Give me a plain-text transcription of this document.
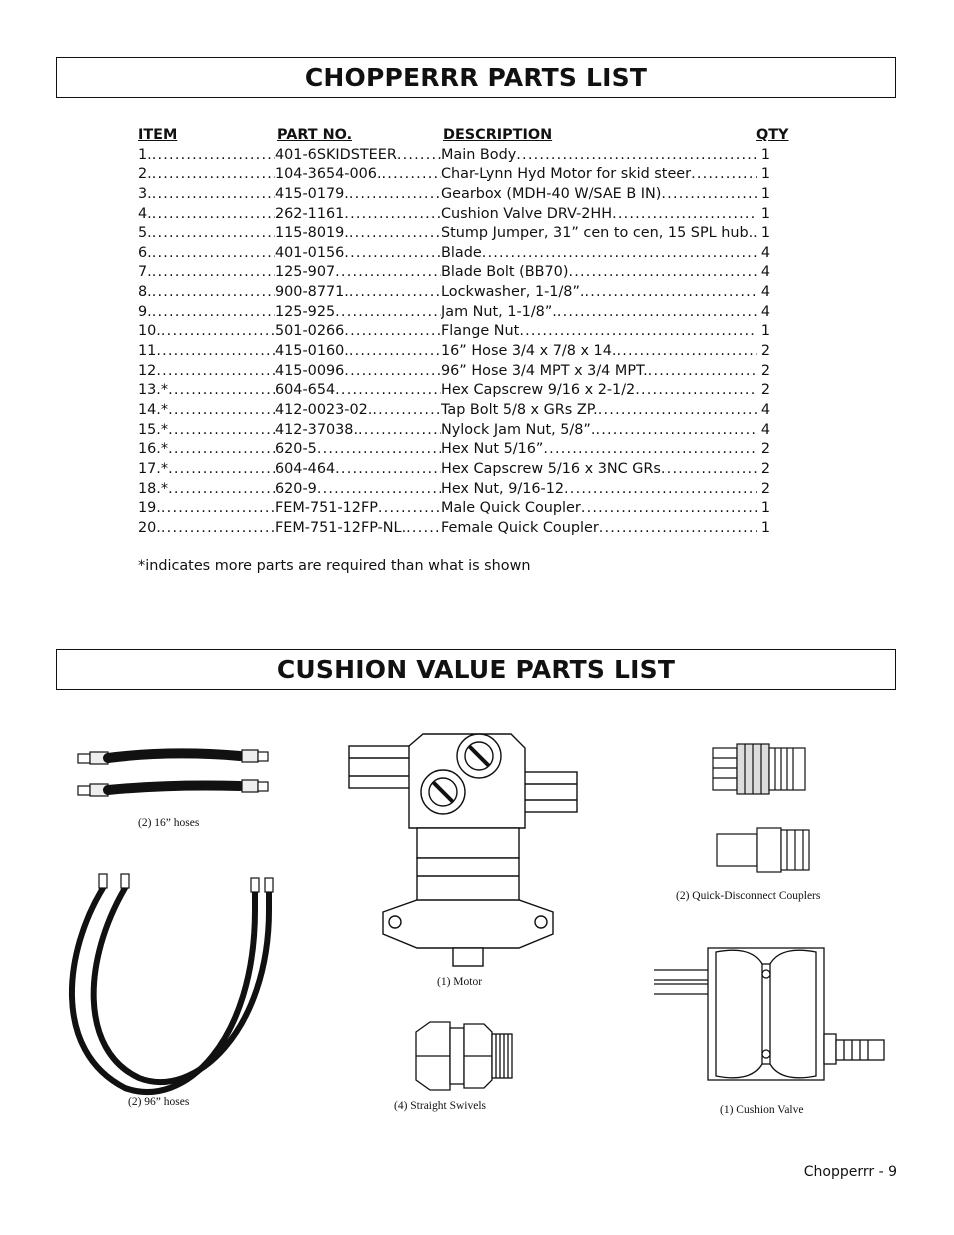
CHOPPERRR PARTS LIST
ITEM	PART NO.	DESCRIPTION	QTY
1. .....	401-6SKIDSTEER .....	Main Body .....	1
2. .....	104-3654-006. .....	Char-Lynn Hyd Motor for skid steer .....	1
3. .....	415-0179. .....	Gearbox (MDH-40 W/SAE B IN) .....	1
4. .....	262-1161 .....	Cushion Valve DRV-2HH .....	1
5. .....	115-8019. .....	Stump Jumper, 31” cen to cen, 15 SPL hub. ..... 1
6. .....	401-0156 .....	Blade .....	4
7. .....	125-907 .....	Blade Bolt (BB70) .....	4
8. .....	900-8771. .....	Lockwasher, 1-1/8”. .....	4
9. .....	125-925 .....	Jam Nut, 1-1/8”. .....	4
10. .....	501-0266 .....	Flange Nut .....	1
11 .....	415-0160. .....	16” Hose 3/4 x 7/8 x 14. .....	2
12 .....	415-0096 .....	96” Hose 3/4 MPT x 3/4 MPT. .....	2
13.* .....	604-654 .....	Hex Capscrew 9/16 x 2-1/2 .....	2
14.* .....	412-0023-02. .....	Tap Bolt 5/8 x GRs ZP. .....	4
15.* .....	412-37038. .....	Nylock Jam Nut, 5/8”. .....	4
16.* .....	620-5 .....	Hex Nut 5/16” .....	2
17.* .....	604-464 .....	Hex Capscrew 5/16 x 3NC GRs .....	2
18.* .....	620-9 .....	Hex Nut, 9/16-12 .....	2
19. .....	FEM-751-12FP .....	Male Quick Coupler .....	1
20. .....	FEM-751-12FP-NL. ..... Female Quick Coupler .....	1
*indicates more parts are required than what is shown
CUSHION VALUE PARTS LIST
(2) 16” hoses
(1) Motor
(2) Quick-Disconnect Couplers
(2) 96” hoses	(4) Straight Swivels	(1) Cushion Valve
Chopperrr - 9
